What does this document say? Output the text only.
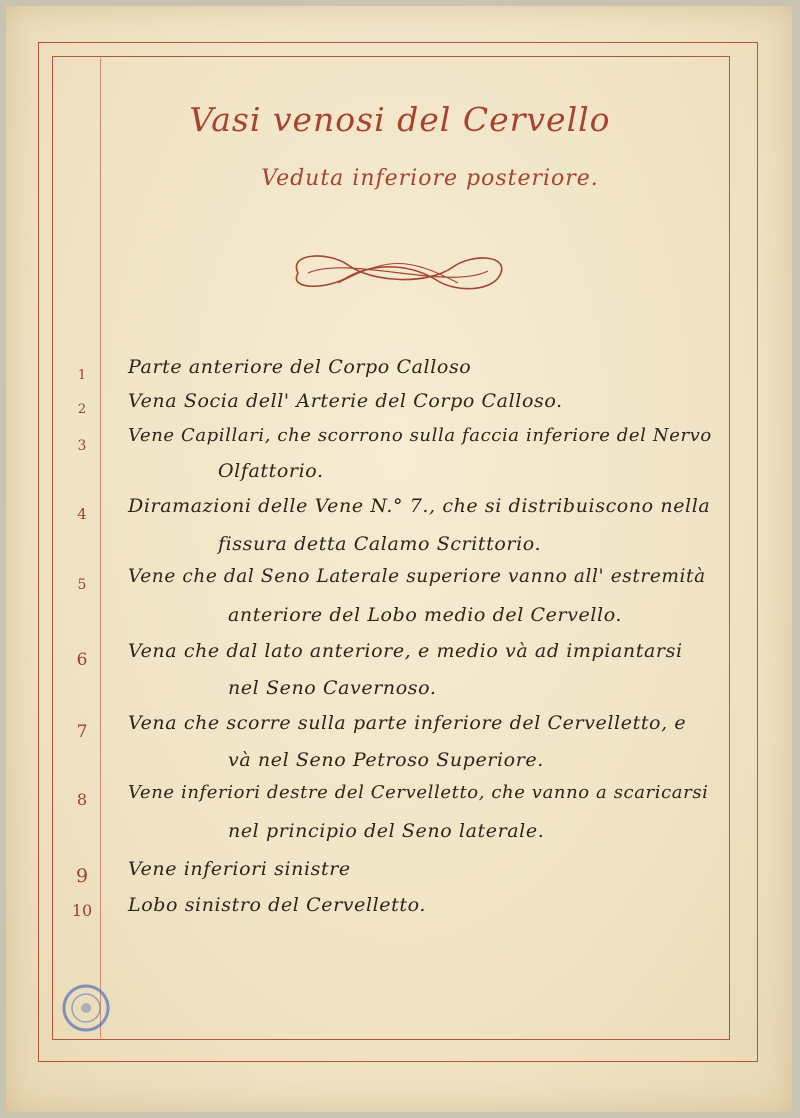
Vasi venosi del Cervello
Veduta inferiore posteriore.
1	Parte anteriore del Corpo Calloso
2	Vena Socia dell' Arterie del Corpo Calloso.
3	Vene Capillari, che scorrono sulla faccia inferiore del Nervo
Olfattorio.
4	Diramazioni delle Vene N.° 7., che si distribuiscono nella
fissura detta Calamo Scrittorio.
5	Vene che dal Seno Laterale superiore vanno all' estremità
anteriore del Lobo medio del Cervello.
6	Vena che dal lato anteriore, e medio và ad impiantarsi
nel Seno Cavernoso.
7	Vena che scorre sulla parte inferiore del Cervelletto, e
và nel Seno Petroso Superiore.
8	Vene inferiori destre del Cervelletto, che vanno a scaricarsi
nel principio del Seno laterale.
9	Vene inferiori sinistre
10	Lobo sinistro del Cervelletto.
